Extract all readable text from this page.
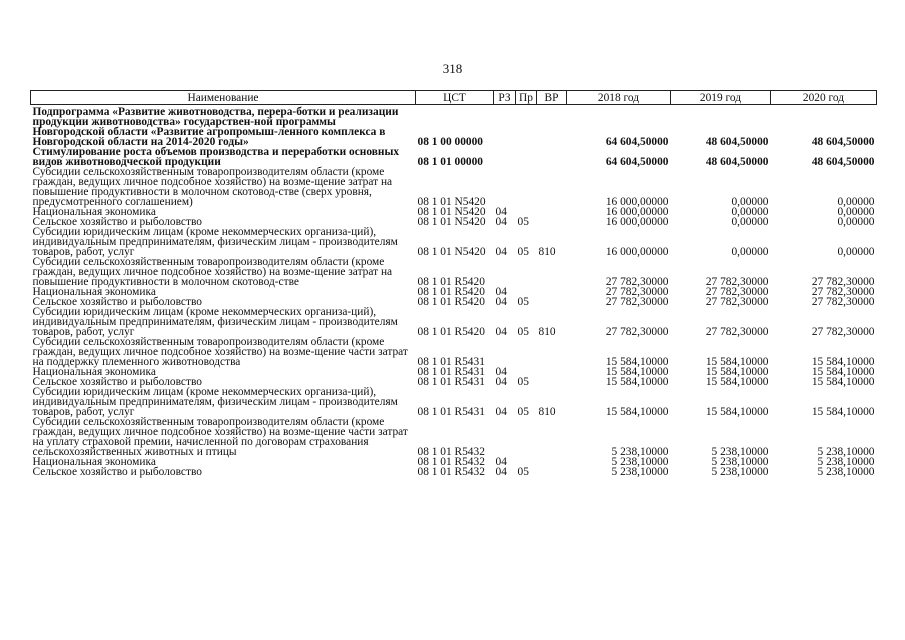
318
Наименование	ЦСТ	РЗ	Пр	ВР	2018 год	2019 год	2020 год
Подпрограмма «Развитие животноводства, перера-ботки и реализации продукции животноводства» государствен-ной программы Новгородской области «Развитие агропромыш-ленного комплекса в Новгородской области на 2014-2020 годы»	08 1 00 00000				64 604,50000	48 604,50000	48 604,50000
Стимулирование роста объемов производства и переработки основных видов животноводческой продукции	08 1 01 00000				64 604,50000	48 604,50000	48 604,50000
Субсидии сельскохозяйственным товаропроизводителям области (кроме граждан, ведущих личное подсобное хозяйство) на возме-щение затрат на повышение продуктивности в молочном скотовод-стве (сверх уровня, предусмотренного соглашением)	08 1 01 N5420				16 000,00000	0,00000	0,00000
Национальная экономика	08 1 01 N5420	04			16 000,00000	0,00000	0,00000
Сельское хозяйство и рыболовство	08 1 01 N5420	04	05		16 000,00000	0,00000	0,00000
Субсидии юридическим лицам (кроме некоммерческих организа-ций), индивидуальным предпринимателям, физическим лицам - производителям товаров, работ, услуг	08 1 01 N5420	04	05	810	16 000,00000	0,00000	0,00000
Субсидии сельскохозяйственным товаропроизводителям области (кроме граждан, ведущих личное подсобное хозяйство) на возме-щение затрат на повышение продуктивности в молочном скотовод-стве	08 1 01 R5420				27 782,30000	27 782,30000	27 782,30000
Национальная экономика	08 1 01 R5420	04			27 782,30000	27 782,30000	27 782,30000
Сельское хозяйство и рыболовство	08 1 01 R5420	04	05		27 782,30000	27 782,30000	27 782,30000
Субсидии юридическим лицам (кроме некоммерческих организа-ций), индивидуальным предпринимателям, физическим лицам - производителям товаров, работ, услуг	08 1 01 R5420	04	05	810	27 782,30000	27 782,30000	27 782,30000
Субсидии сельскохозяйственным товаропроизводителям области (кроме граждан, ведущих личное подсобное хозяйство) на возме-щение части затрат на поддержку племенного животноводства	08 1 01 R5431				15 584,10000	15 584,10000	15 584,10000
Национальная экономика	08 1 01 R5431	04			15 584,10000	15 584,10000	15 584,10000
Сельское хозяйство и рыболовство	08 1 01 R5431	04	05		15 584,10000	15 584,10000	15 584,10000
Субсидии юридическим лицам (кроме некоммерческих организа-ций), индивидуальным предпринимателям, физическим лицам - производителям товаров, работ, услуг	08 1 01 R5431	04	05	810	15 584,10000	15 584,10000	15 584,10000
Субсидии сельскохозяйственным товаропроизводителям области (кроме граждан, ведущих личное подсобное хозяйство) на возме-щение части затрат на уплату страховой премии, начисленной по договорам страхования сельскохозяйственных животных и птицы	08 1 01 R5432				5 238,10000	5 238,10000	5 238,10000
Национальная экономика	08 1 01 R5432	04			5 238,10000	5 238,10000	5 238,10000
Сельское хозяйство и рыболовство	08 1 01 R5432	04	05		5 238,10000	5 238,10000	5 238,10000
